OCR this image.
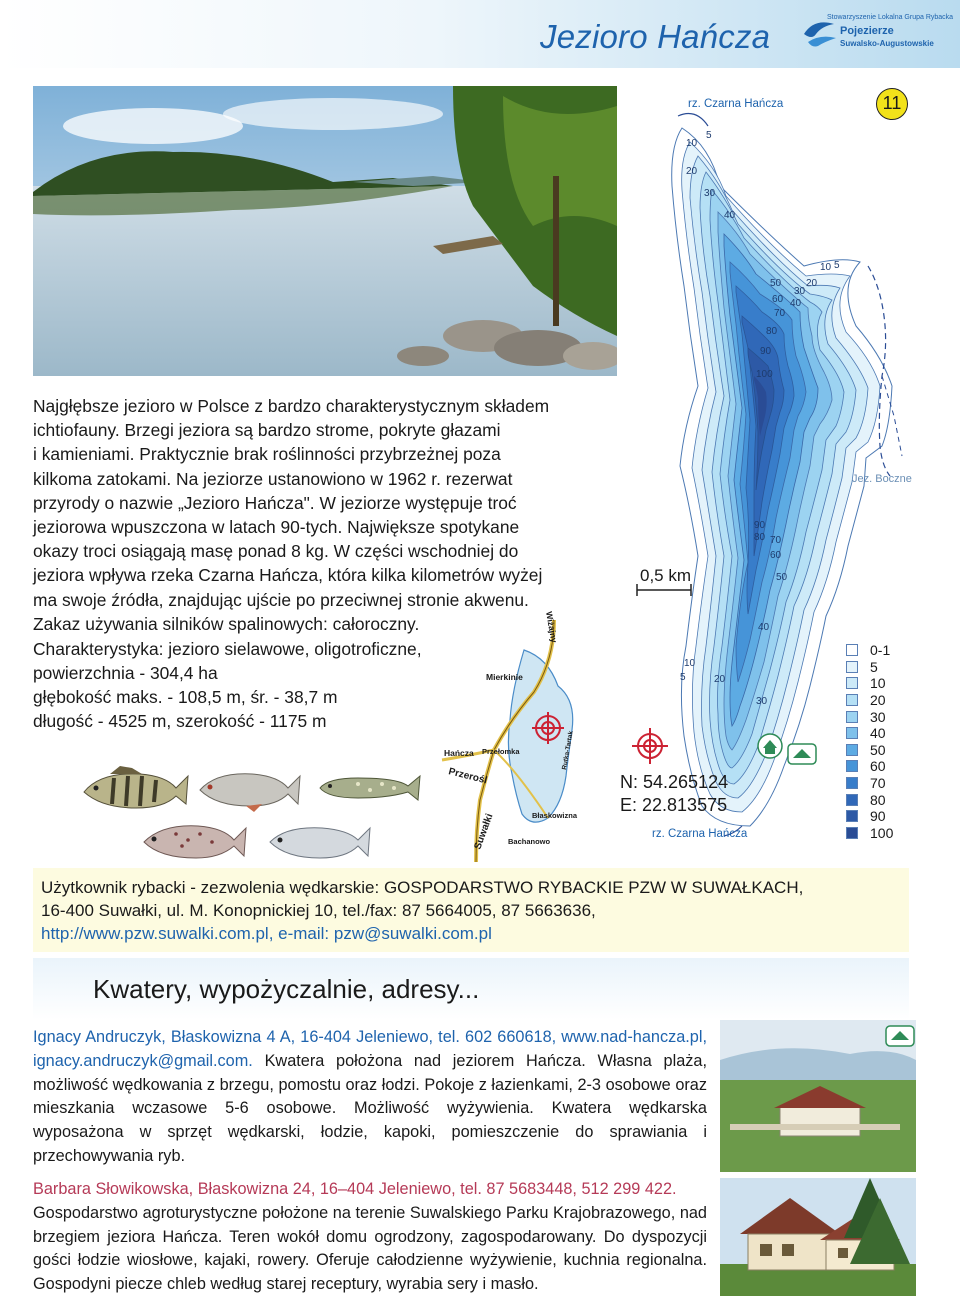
Jezioro Hańcza
Stowarzyszenie Lokalna Grupa Rybacka
Pojezierze
Suwalsko-Augustowskie
Najgłębsze jezioro w Polsce z bardzo charakterystycznym składem
ichtiofauny. Brzegi jeziora są bardzo strome, pokryte głazami
i kamieniami. Praktycznie brak roślinności przybrzeżnej poza
kilkoma zatokami. Na jeziorze ustanowiono w 1962 r. rezerwat
przyrody o nazwie „Jezioro Hańcza". W jeziorze występuje troć
jeziorowa wpuszczona w latach 90-tych. Największe spotykane
okazy troci osiągają masę ponad 8 kg. W części wschodniej do
jeziora wpływa rzeka Czarna Hańcza, która kilka kilometrów wyżej
ma swoje źródła, znajdując ujście po przeciwnej stronie akwenu.
Zakaz używania silników spalinowych: całoroczny.
Charakterystyka: jezioro sielawowe, oligotroficzne,
powierzchnia - 304,4 ha
głębokość maks. - 108,5 m, śr. - 38,7 m
długość - 4525 m, szerokość - 1175 m
Wiżajny
Mierkinie
Hańcza Przełomka
Przerośl
Błaskowizna
Suwałki Bachanowo
Rutka-Tartak
11
rz. Czarna Hańcza
5
10
20
30
40
5
10
20
30
40
50
60
70
80
90
100
90
80 70
60
50
40
10
5	20
30
Jez. Boczne
0,5 km
N: 54.265124
E: 22.813575
rz. Czarna Hańcza
0-1
5
10
20
30
40
50
60
70
80
90
100
Użytkownik rybacki - zezwolenia wędkarskie: GOSPODARSTWO RYBACKIE PZW W SUWAŁKACH,
16-400 Suwałki, ul. M. Konopnickiej 10, tel./fax: 87 5664005, 87 5663636,
http://www.pzw.suwalki.com.pl, e-mail: pzw@suwalki.com.pl
Kwatery, wypożyczalnie, adresy...
Ignacy Andruczyk, Błaskowizna 4 A, 16-404 Jeleniewo, tel. 602 660618, www.nad-hancza.pl, ignacy.andruczyk@gmail.com. Kwatera położona nad jeziorem Hańcza. Własna plaża, możliwość wędkowania z brzegu, pomostu oraz łodzi. Pokoje z łazienkami, 2-3 osobowe oraz mieszkania wczasowe 5-6 osobowe. Możliwość wyżywienia. Kwatera wędkarska wyposażona w sprzęt wędkarski, łodzie, kapoki, pomieszczenie do sprawiania i przechowywania ryb.
Barbara Słowikowska, Błaskowizna 24, 16–404 Jeleniewo, tel. 87 5683448, 512 299 422.
Gospodarstwo agroturystyczne położone na terenie Suwalskiego Parku Krajobrazowego, nad brzegiem jeziora Hańcza. Teren wokół domu ogrodzony, zagospodarowany. Do dyspozycji gości łodzie wiosłowe, kajaki, rowery. Oferuje całodzienne wyżywienie, kuchnia regionalna. Gospodyni piecze chleb według starej receptury, wyrabia sery i masło.
